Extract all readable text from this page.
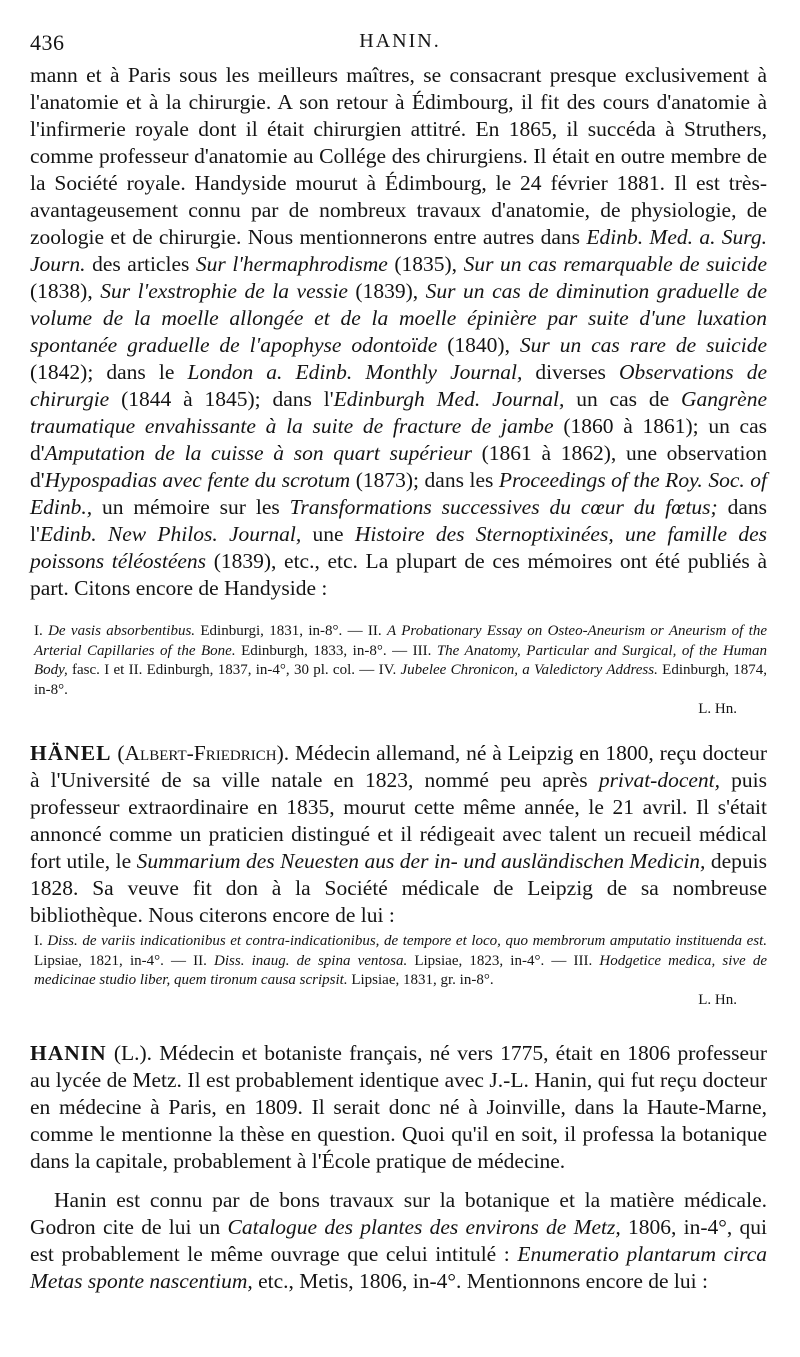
436	HANIN.

mann et à Paris sous les meilleurs maîtres, se consacrant presque exclusivement à l'anatomie et à la chirurgie. A son retour à Édimbourg, il fit des cours d'anatomie à l'infirmerie royale dont il était chirurgien attitré. En 1865, il succéda à Struthers, comme professeur d'anatomie au Collége des chirurgiens. Il était en outre membre de la Société royale. Handyside mourut à Édimbourg, le 24 février 1881. Il est très-avantageusement connu par de nombreux travaux d'anatomie, de physiologie, de zoologie et de chirurgie. Nous mentionnerons entre autres dans Edinb. Med. a. Surg. Journ. des articles Sur l'hermaphrodisme (1835), Sur un cas remarquable de suicide (1838), Sur l'exstrophie de la vessie (1839), Sur un cas de diminution graduelle de volume de la moelle allongée et de la moelle épinière par suite d'une luxation spontanée graduelle de l'apophyse odontoïde (1840), Sur un cas rare de suicide (1842); dans le London a. Edinb. Monthly Journal, diverses Observations de chirurgie (1844 à 1845); dans l'Edinburgh Med. Journal, un cas de Gangrène traumatique envahissante à la suite de fracture de jambe (1860 à 1861); un cas d'Amputation de la cuisse à son quart supérieur (1861 à 1862), une observation d'Hypospadias avec fente du scrotum (1873); dans les Proceedings of the Roy. Soc. of Edinb., un mémoire sur les Transformations successives du cœur du fœtus; dans l'Edinb. New Philos. Journal, une Histoire des Sternoptixinées, une famille des poissons téléostéens (1839), etc., etc. La plupart de ces mémoires ont été publiés à part. Citons encore de Handyside :

I. De vasis absorbentibus. Edinburgi, 1831, in-8°. — II. A Probationary Essay on Osteo-Aneurism or Aneurism of the Arterial Capillaries of the Bone. Edinburgh, 1833, in-8°. — III. The Anatomy, Particular and Surgical, of the Human Body, fasc. I et II. Edinburgh, 1837, in-4°, 30 pl. col. — IV. Jubelee Chronicon, a Valedictory Address. Edinburgh, 1874, in-8°.
L. Hn.

HÄNEL (Albert-Friedrich). Médecin allemand, né à Leipzig en 1800, reçu docteur à l'Université de sa ville natale en 1823, nommé peu après privat-docent, puis professeur extraordinaire en 1835, mourut cette même année, le 21 avril. Il s'était annoncé comme un praticien distingué et il rédigeait avec talent un recueil médical fort utile, le Summarium des Neuesten aus der in- und ausländischen Medicin, depuis 1828. Sa veuve fit don à la Société médicale de Leipzig de sa nombreuse bibliothèque. Nous citerons encore de lui :

I. Diss. de variis indicationibus et contra-indicationibus, de tempore et loco, quo membrorum amputatio instituenda est. Lipsiae, 1821, in-4°. — II. Diss. inaug. de spina ventosa. Lipsiae, 1823, in-4°. — III. Hodgetice medica, sive de medicinae studio liber, quem tironum causa scripsit. Lipsiae, 1831, gr. in-8°.
L. Hn.

HANIN (L.). Médecin et botaniste français, né vers 1775, était en 1806 professeur au lycée de Metz. Il est probablement identique avec J.-L. Hanin, qui fut reçu docteur en médecine à Paris, en 1809. Il serait donc né à Joinville, dans la Haute-Marne, comme le mentionne la thèse en question. Quoi qu'il en soit, il professa la botanique dans la capitale, probablement à l'École pratique de médecine.

Hanin est connu par de bons travaux sur la botanique et la matière médicale. Godron cite de lui un Catalogue des plantes des environs de Metz, 1806, in-4°, qui est probablement le même ouvrage que celui intitulé : Enumeratio plantarum circa Metas sponte nascentium, etc., Metis, 1806, in-4°. Mentionnons encore de lui :
